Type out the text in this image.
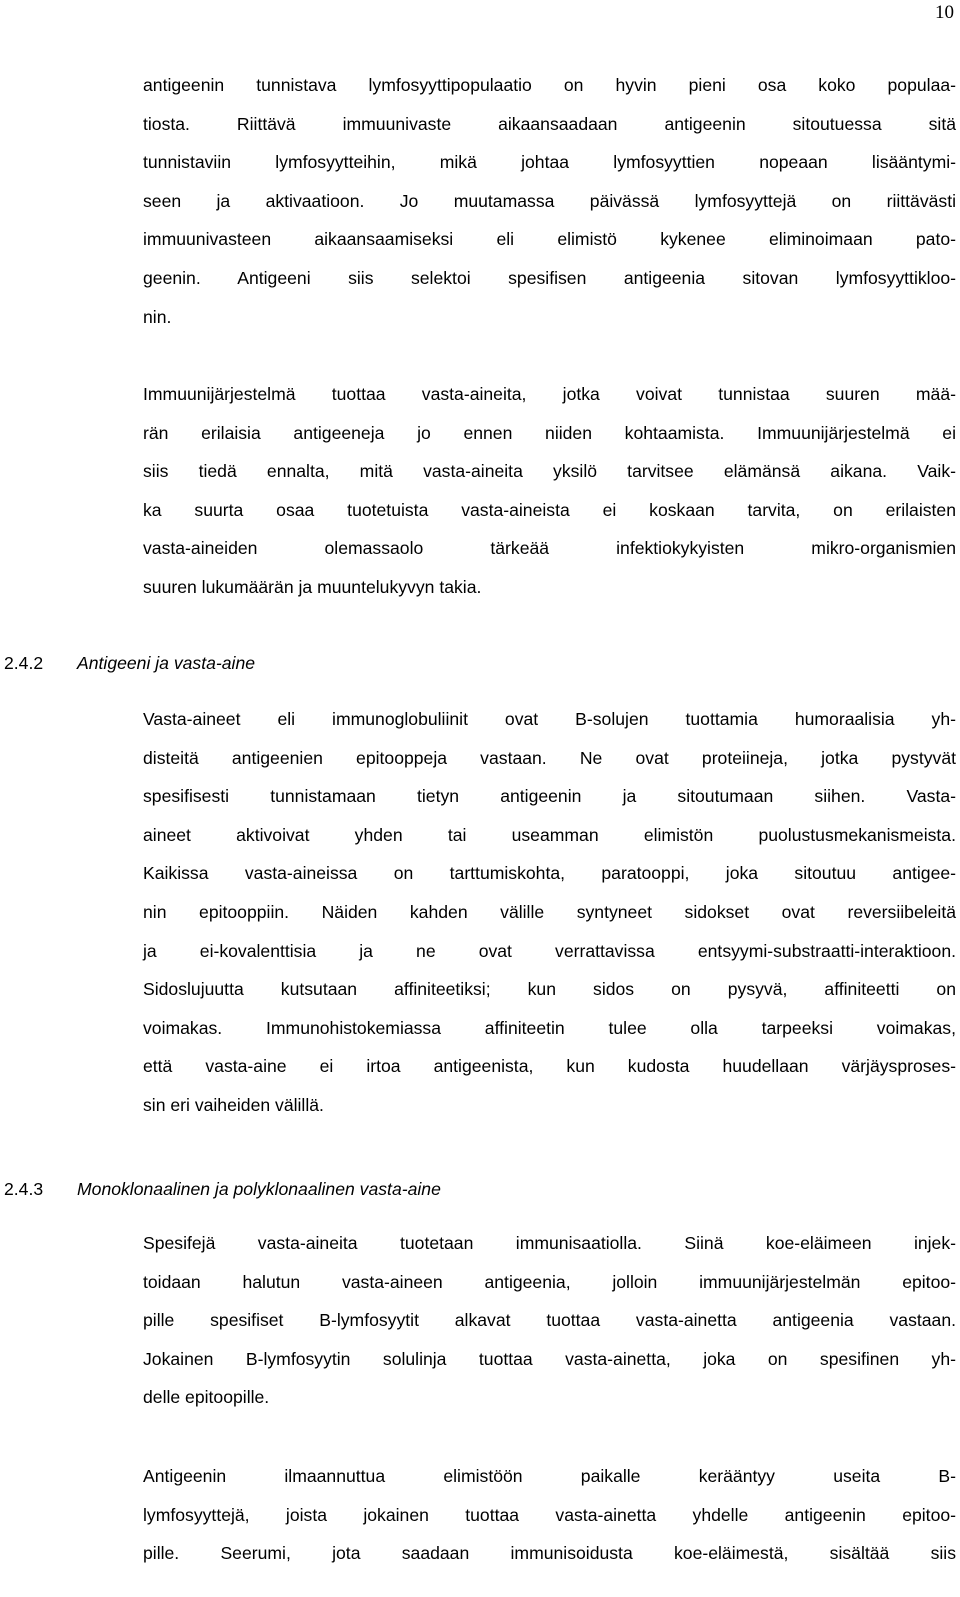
10
antigeenin tunnistava lymfosyyttipopulaatio on hyvin pieni osa koko populaa-
tiosta. Riittävä immuunivaste aikaansaadaan antigeenin sitoutuessa sitä
tunnistaviin lymfosyytteihin, mikä johtaa lymfosyyttien nopeaan lisääntymi-
seen ja aktivaatioon. Jo muutamassa päivässä lymfosyyttejä on riittävästi
immuunivasteen aikaansaamiseksi eli elimistö kykenee eliminoimaan pato-
geenin. Antigeeni siis selektoi spesifisen antigeenia sitovan lymfosyyttikloo-
nin.
Immuunijärjestelmä tuottaa vasta-aineita, jotka voivat tunnistaa suuren mää-
rän erilaisia antigeeneja jo ennen niiden kohtaamista. Immuunijärjestelmä ei
siis tiedä ennalta, mitä vasta-aineita yksilö tarvitsee elämänsä aikana. Vaik-
ka suurta osaa tuotetuista vasta-aineista ei koskaan tarvita, on erilaisten
vasta-aineiden olemassaolo tärkeää infektiokykyisten mikro-organismien
suuren lukumäärän ja muuntelukyvyn takia.
2.4.2 Antigeeni ja vasta-aine
Vasta-aineet eli immunoglobuliinit ovat B-solujen tuottamia humoraalisia yh-
disteitä antigeenien epitooppeja vastaan. Ne ovat proteiineja, jotka pystyvät
spesifisesti tunnistamaan tietyn antigeenin ja sitoutumaan siihen. Vasta-
aineet aktivoivat yhden tai useamman elimistön puolustusmekanismeista.
Kaikissa vasta-aineissa on tarttumiskohta, paratooppi, joka sitoutuu antigee-
nin epitooppiin. Näiden kahden välille syntyneet sidokset ovat reversiibeleitä
ja ei-kovalenttisia ja ne ovat verrattavissa entsyymi-substraatti-interaktioon.
Sidoslujuutta kutsutaan affiniteetiksi; kun sidos on pysyvä, affiniteetti on
voimakas. Immunohistokemiassa affiniteetin tulee olla tarpeeksi voimakas,
että vasta-aine ei irtoa antigeenista, kun kudosta huudellaan värjäysproses-
sin eri vaiheiden välillä.
2.4.3 Monoklonaalinen ja polyklonaalinen vasta-aine
Spesifejä vasta-aineita tuotetaan immunisaatiolla. Siinä koe-eläimeen injek-
toidaan halutun vasta-aineen antigeenia, jolloin immuunijärjestelmän epitoo-
pille spesifiset B-lymfosyytit alkavat tuottaa vasta-ainetta antigeenia vastaan.
Jokainen B-lymfosyytin solulinja tuottaa vasta-ainetta, joka on spesifinen yh-
delle epitoopille.
Antigeenin ilmaannuttua elimistöön paikalle kerääntyy useita B-
lymfosyyttejä, joista jokainen tuottaa vasta-ainetta yhdelle antigeenin epitoo-
pille. Seerumi, jota saadaan immunisoidusta koe-eläimestä, sisältää siis
